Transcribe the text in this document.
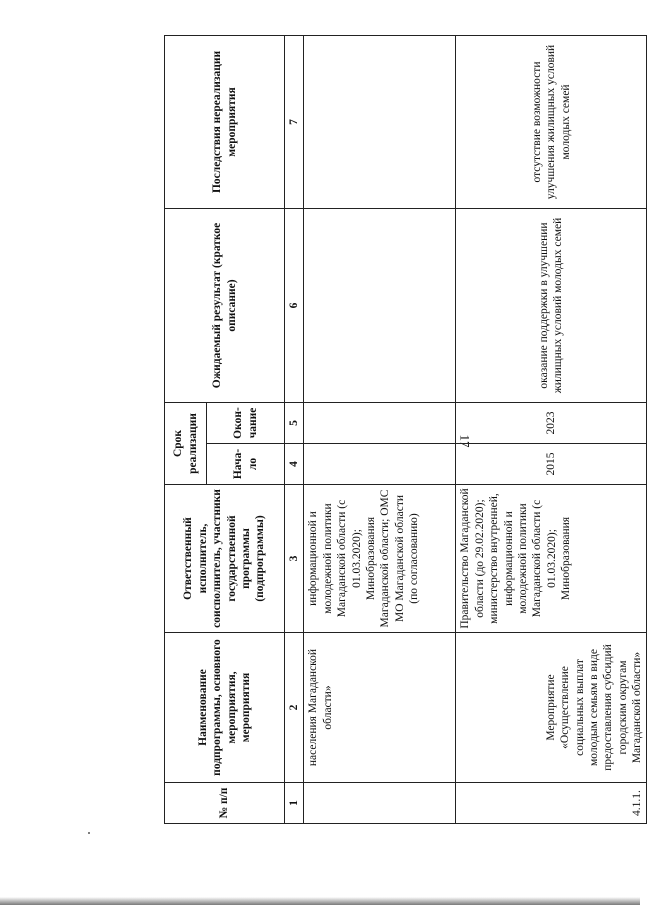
17
№ п/п	Наименование подпрограммы, основного мероприятия, мероприятия	Ответственный исполнитель, соисполнитель, участники государственной программы (подпрограммы)	Срок реализации		Ожидаемый результат (краткое описание)	Последствия нереализации мероприятия
			Нача-ло	Окон-чание		
1	2	3	4	5	6	7
	населения Магаданской области»	информационной и молодежной политики Магаданской области (с 01.03.2020); Минобразования Магаданской области; ОМС МО Магаданской области (по согласованию)				
4.1.1.	Мероприятие «Осуществление социальных выплат молодым семьям в виде предоставления субсидий городским округам Магаданской области»	Правительство Магаданской области (до 29.02.2020); министерство внутренней, информационной и молодежной политики Магаданской области (с 01.03.2020); Минобразования	2015	2023	оказание поддержки в улучшении жилищных условий молодых семей	отсутствие возможности улучшения жилищных условий молодых семей
